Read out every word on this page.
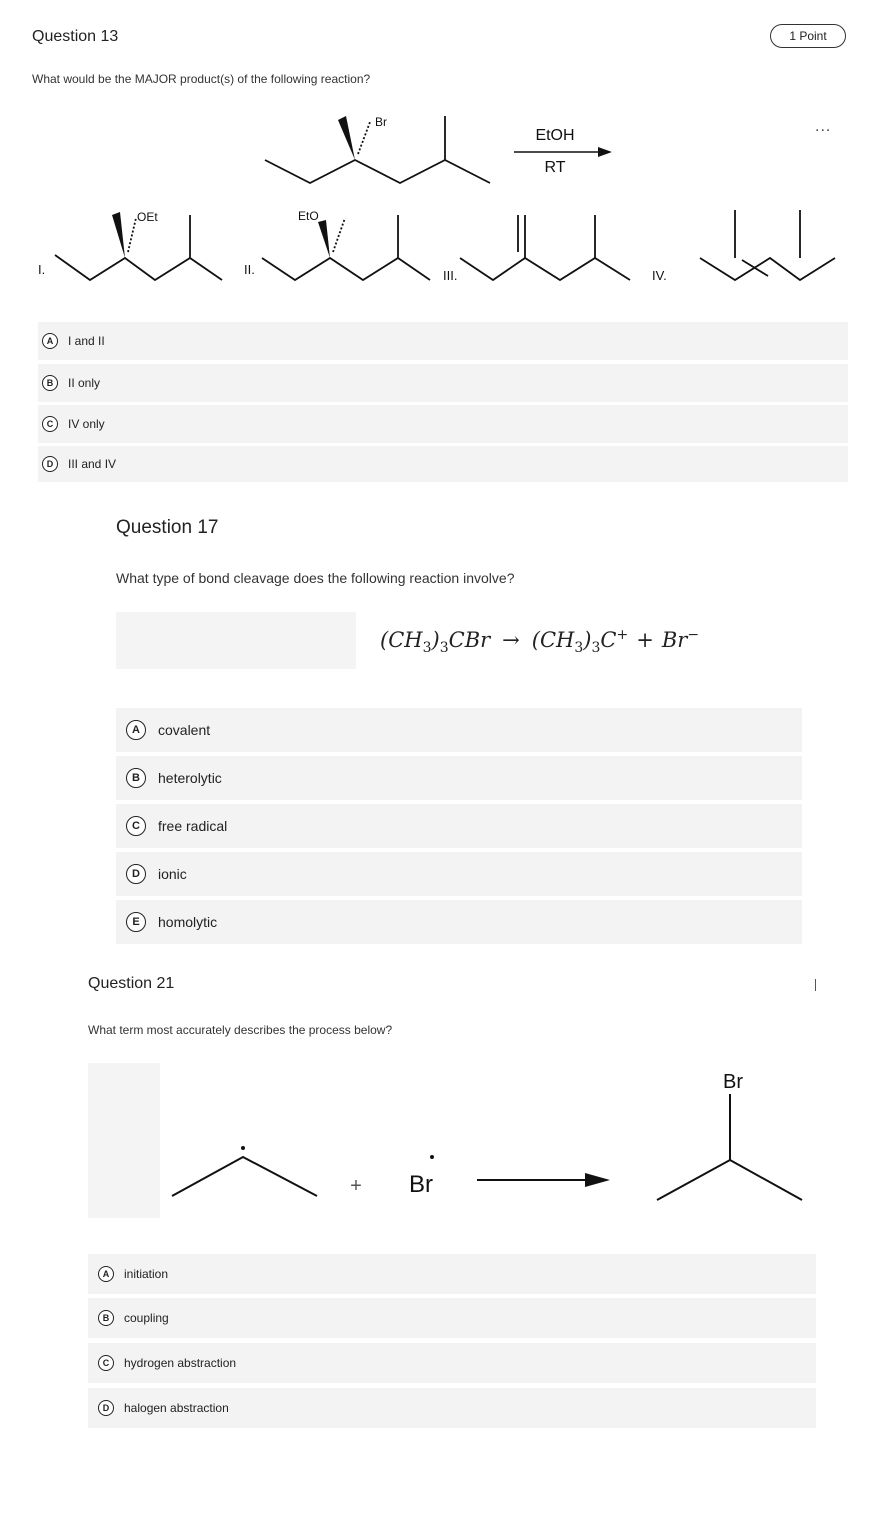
Question 13	1 Point
...
What would be the MAJOR product(s) of the following reaction?
Br
EtOH
RT
I.
OEt
II.
EtO
III.	IV.
A	I and II
B	II only
C	IV only
D	III and IV
Question 17
What type of bond cleavage does the following reaction involve?
$(CH_3)_3CBr \to (CH_3)_3C^+ + Br^-$
A	covalent
B	heterolytic
C	free radical
D	ionic
E	homolytic
Question 21
What term most accurately describes the process below?
+ Br
Br
A	initiation
B	coupling
C	hydrogen abstraction
D	halogen abstraction
